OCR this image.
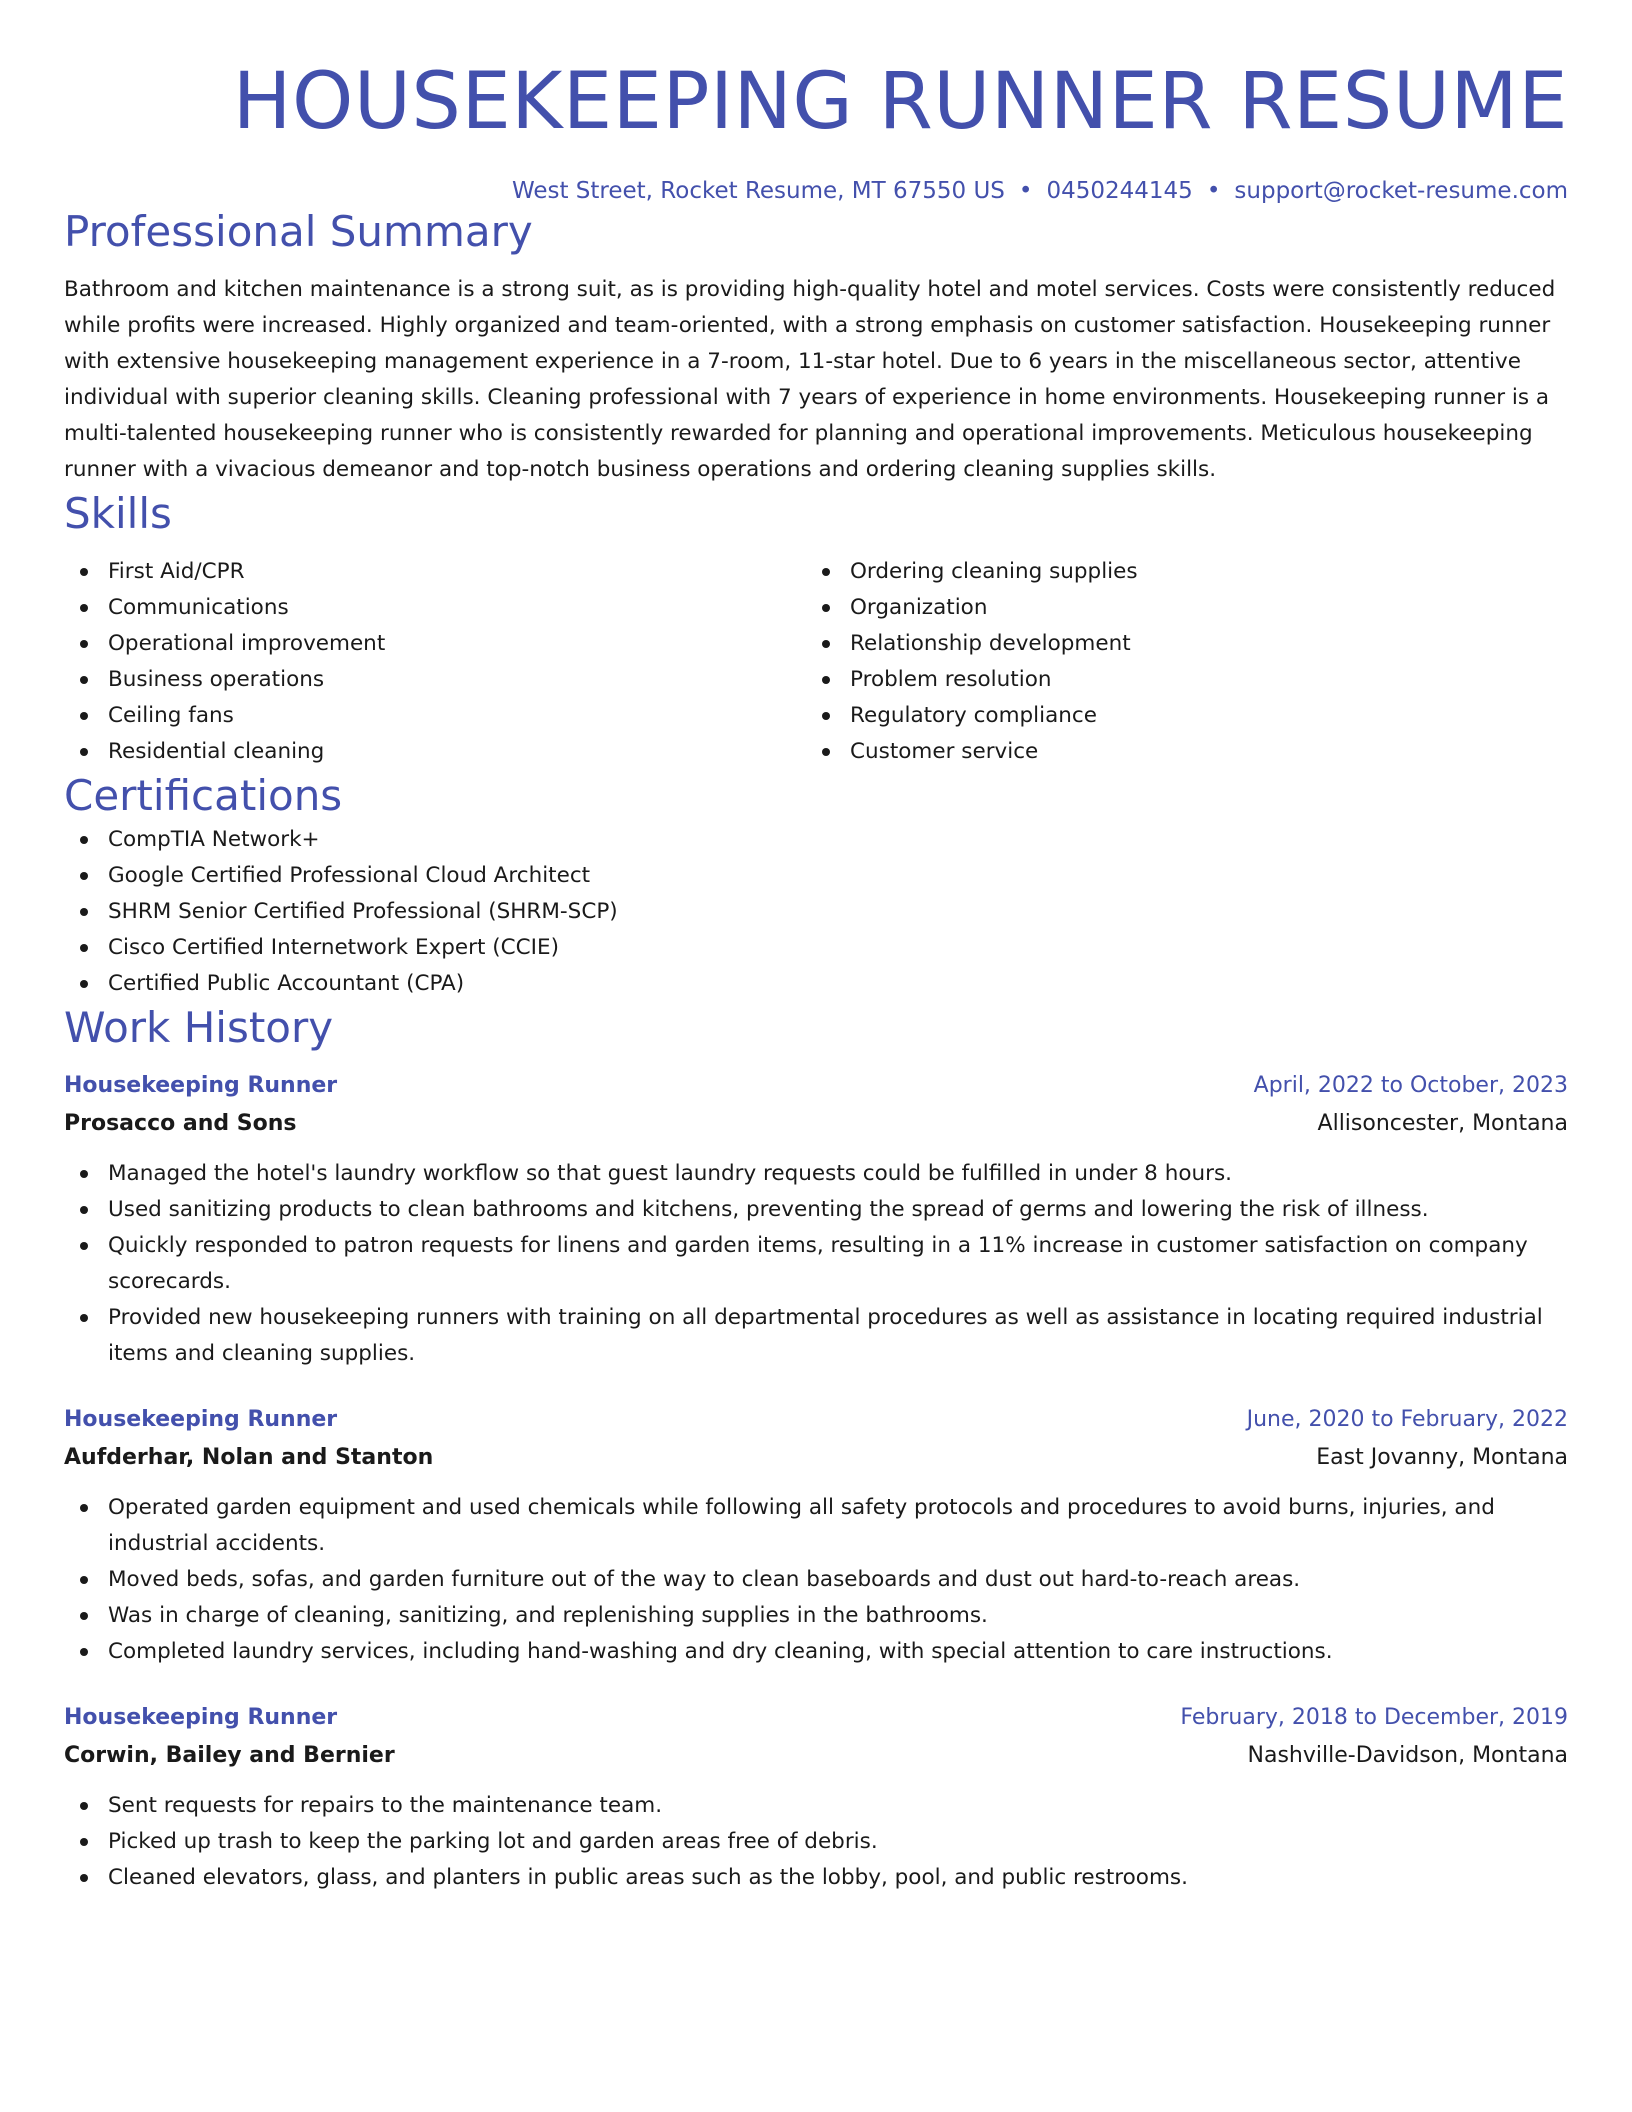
HOUSEKEEPING RUNNER RESUME
West Street, Rocket Resume, MT 67550 US • 0450244145 • support@rocket-resume.com
Professional Summary

Bathroom and kitchen maintenance is a strong suit, as is providing high-quality hotel and motel services. Costs were consistently reduced while profits were increased. Highly organized and team-oriented, with a strong emphasis on customer satisfaction. Housekeeping runner with extensive housekeeping management experience in a 7-room, 11-star hotel. Due to 6 years in the miscellaneous sector, attentive individual with superior cleaning skills. Cleaning professional with 7 years of experience in home environments. Housekeeping runner is a multi-talented housekeeping runner who is consistently rewarded for planning and operational improvements. Meticulous housekeeping runner with a vivacious demeanor and top-notch business operations and ordering cleaning supplies skills.

Skills
First Aid/CPR
Communications
Operational improvement
Business operations
Ceiling fans
Residential cleaning
Ordering cleaning supplies
Organization
Relationship development
Problem resolution
Regulatory compliance
Customer service
Certifications
CompTIA Network+
Google Certified Professional Cloud Architect
SHRM Senior Certified Professional (SHRM-SCP)
Cisco Certified Internetwork Expert (CCIE)
Certified Public Accountant (CPA)
Work History
Housekeeping Runner	April, 2022 to October, 2023
Prosacco and Sons	Allisoncester, Montana
Managed the hotel's laundry workflow so that guest laundry requests could be fulfilled in under 8 hours.
Used sanitizing products to clean bathrooms and kitchens, preventing the spread of germs and lowering the risk of illness.
Quickly responded to patron requests for linens and garden items, resulting in a 11% increase in customer satisfaction on company scorecards.
Provided new housekeeping runners with training on all departmental procedures as well as assistance in locating required industrial items and cleaning supplies.
Housekeeping Runner	June, 2020 to February, 2022
Aufderhar, Nolan and Stanton	East Jovanny, Montana
Operated garden equipment and used chemicals while following all safety protocols and procedures to avoid burns, injuries, and industrial accidents.
Moved beds, sofas, and garden furniture out of the way to clean baseboards and dust out hard-to-reach areas.
Was in charge of cleaning, sanitizing, and replenishing supplies in the bathrooms.
Completed laundry services, including hand-washing and dry cleaning, with special attention to care instructions.
Housekeeping Runner	February, 2018 to December, 2019
Corwin, Bailey and Bernier	Nashville-Davidson, Montana
Sent requests for repairs to the maintenance team.
Picked up trash to keep the parking lot and garden areas free of debris.
Cleaned elevators, glass, and planters in public areas such as the lobby, pool, and public restrooms.
